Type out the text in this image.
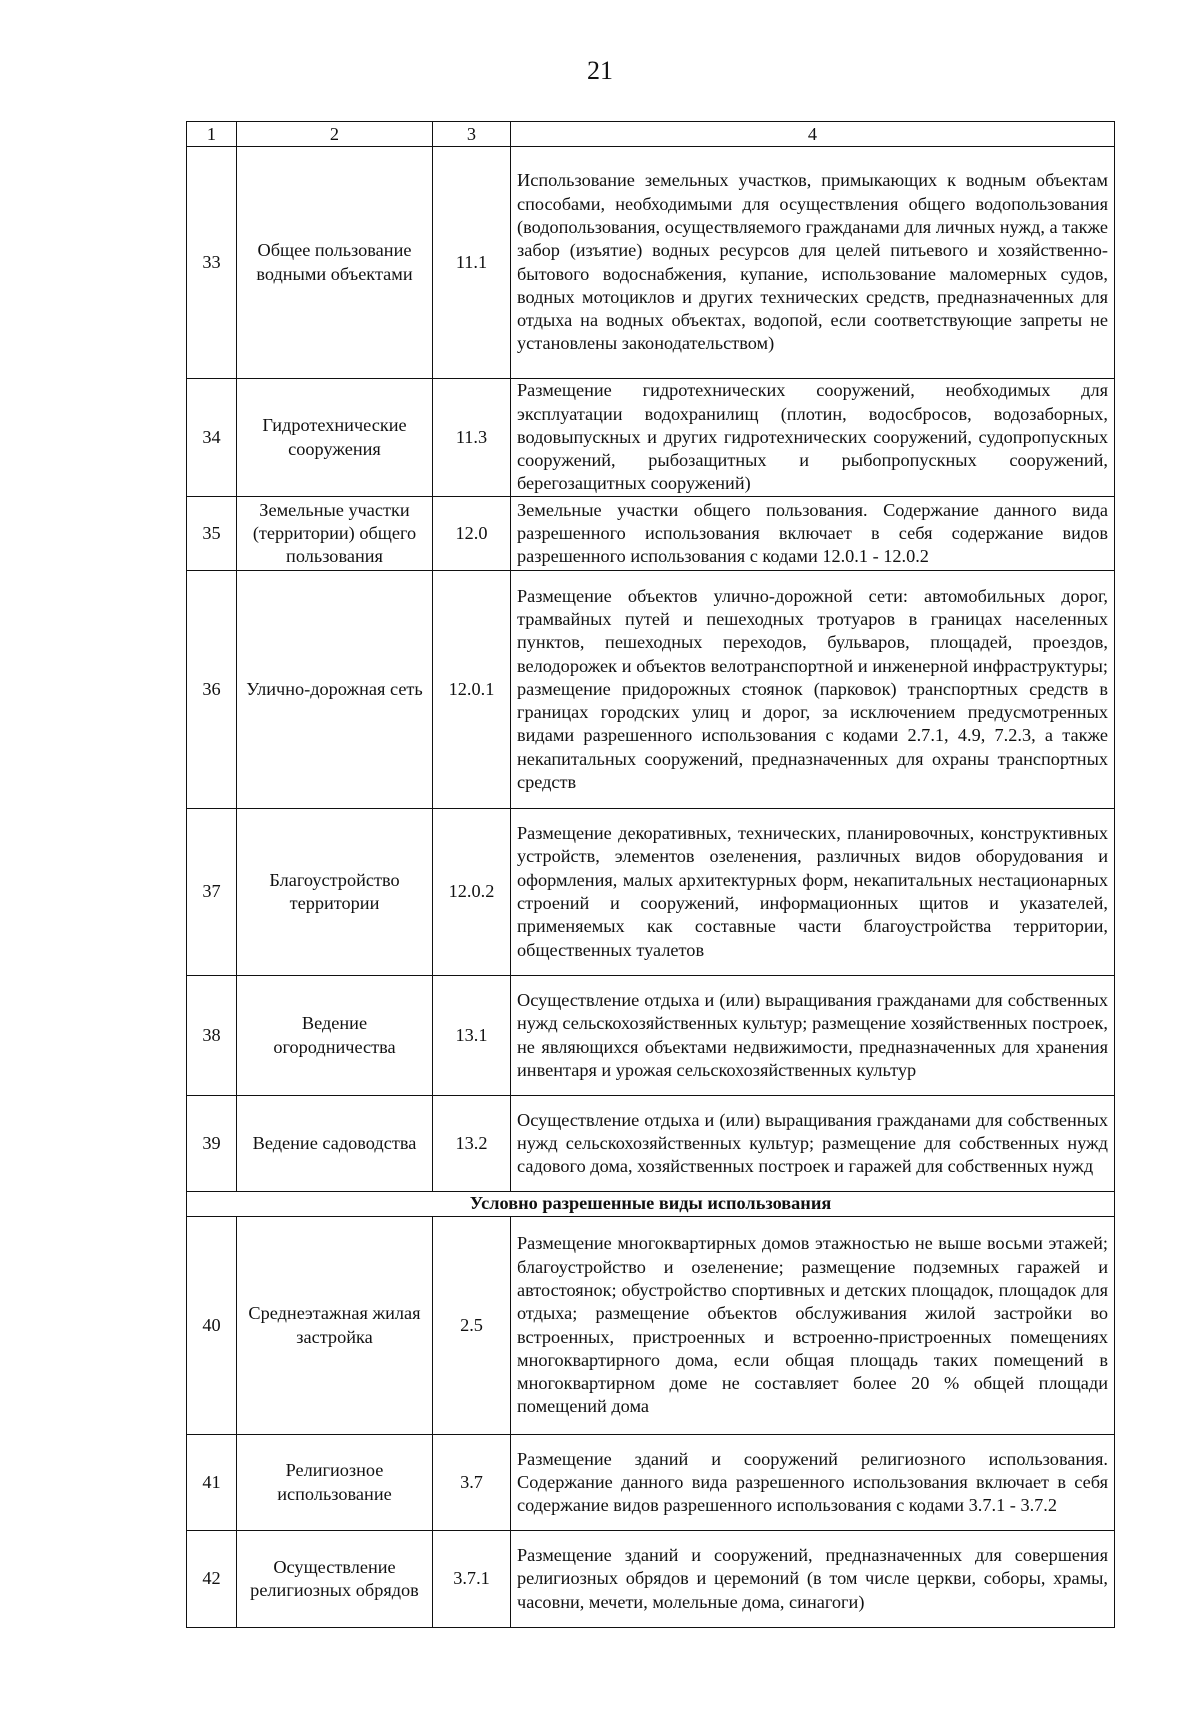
21
1	2	3	4
33	Общее пользование водными объектами	11.1	Использование земельных участков, примыкающих к водным объектам способами, необходимыми для осуществления общего водопользования (водопользования, осуществляемого гражданами для личных нужд, а также забор (изъятие) водных ресурсов для целей питьевого и хозяйственно-бытового водоснабжения, купание, использование маломерных судов, водных мотоциклов и других технических средств, предназначенных для отдыха на водных объектах, водопой, если соответствующие запреты не установлены законодательством)
34	Гидротехнические сооружения	11.3	Размещение гидротехнических сооружений, необходимых для эксплуатации водохранилищ (плотин, водосбросов, водозаборных, водовыпускных и других гидротехнических сооружений, судопропускных сооружений, рыбозащитных и рыбопропускных сооружений, берегозащитных сооружений)
35	Земельные участки (территории) общего пользования	12.0	Земельные участки общего пользования. Содержание данного вида разрешенного использования включает в себя содержание видов разрешенного использования с кодами 12.0.1 - 12.0.2
36	Улично-дорожная сеть	12.0.1	Размещение объектов улично-дорожной сети: автомобильных дорог, трамвайных путей и пешеходных тротуаров в границах населенных пунктов, пешеходных переходов, бульваров, площадей, проездов, велодорожек и объектов велотранспортной и инженерной инфраструктуры; размещение придорожных стоянок (парковок) транспортных средств в границах городских улиц и дорог, за исключением предусмотренных видами разрешенного использования с кодами 2.7.1, 4.9, 7.2.3, а также некапитальных сооружений, предназначенных для охраны транспортных средств
37	Благоустройство территории	12.0.2	Размещение декоративных, технических, планировочных, конструктивных устройств, элементов озеленения, различных видов оборудования и оформления, малых архитектурных форм, некапитальных нестационарных строений и сооружений, информационных щитов и указателей, применяемых как составные части благоустройства территории, общественных туалетов
38	Ведение огородничества	13.1	Осуществление отдыха и (или) выращивания гражданами для собственных нужд сельскохозяйственных культур; размещение хозяйственных построек, не являющихся объектами недвижимости, предназначенных для хранения инвентаря и урожая сельскохозяйственных культур
39	Ведение садоводства	13.2	Осуществление отдыха и (или) выращивания гражданами для собственных нужд сельскохозяйственных культур; размещение для собственных нужд садового дома, хозяйственных построек и гаражей для собственных нужд
Условно разрешенные виды использования			
40	Среднеэтажная жилая застройка	2.5	Размещение многоквартирных домов этажностью не выше восьми этажей; благоустройство и озеленение; размещение подземных гаражей и автостоянок; обустройство спортивных и детских площадок, площадок для отдыха; размещение объектов обслуживания жилой застройки во встроенных, пристроенных и встроенно-пристроенных помещениях многоквартирного дома, если общая площадь таких помещений в многоквартирном доме не составляет более 20 % общей площади помещений дома
41	Религиозное использование	3.7	Размещение зданий и сооружений религиозного использования. Содержание данного вида разрешенного использования включает в себя содержание видов разрешенного использования с кодами 3.7.1 - 3.7.2
42	Осуществление религиозных обрядов	3.7.1	Размещение зданий и сооружений, предназначенных для совершения религиозных обрядов и церемоний (в том числе церкви, соборы, храмы, часовни, мечети, молельные дома, синагоги)
